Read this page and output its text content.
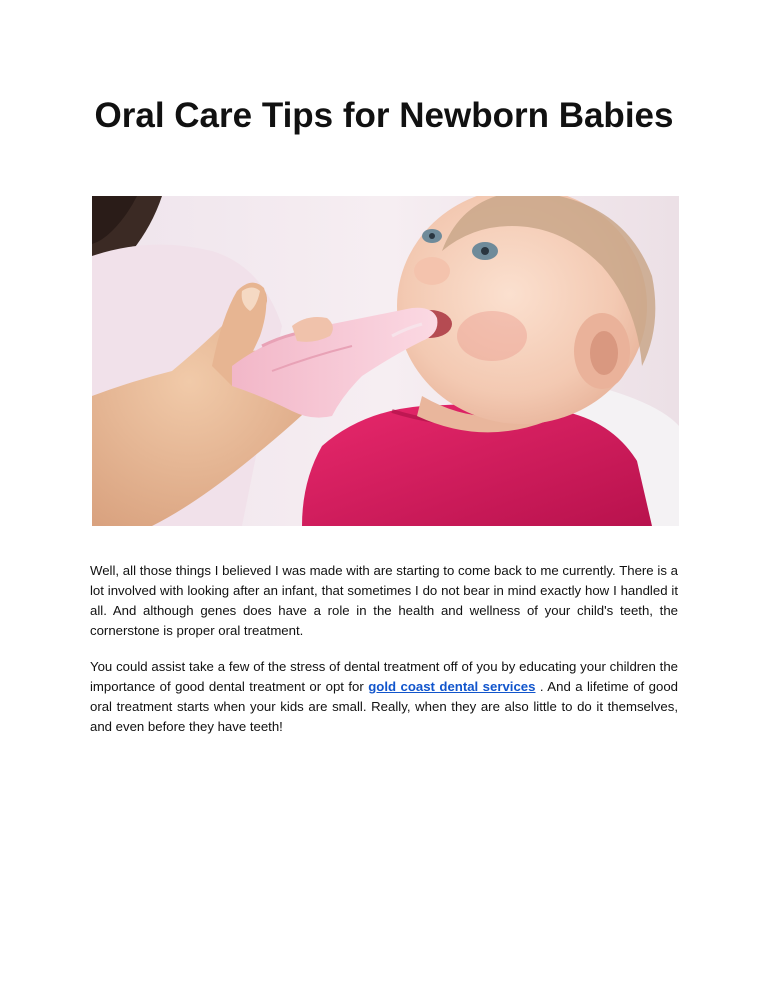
Oral Care Tips for Newborn Babies

Well, all those things I believed I was made with are starting to come back to me currently. There is a lot involved with looking after an infant, that sometimes I do not bear in mind exactly how I handled it all. And although genes does have a role in the health and wellness of your child's teeth, the cornerstone is proper oral treatment.

You could assist take a few of the stress of dental treatment off of you by educating your children the importance of good dental treatment or opt for gold coast dental services . And a lifetime of good oral treatment starts when your kids are small. Really, when they are also little to do it themselves, and even before they have teeth!
